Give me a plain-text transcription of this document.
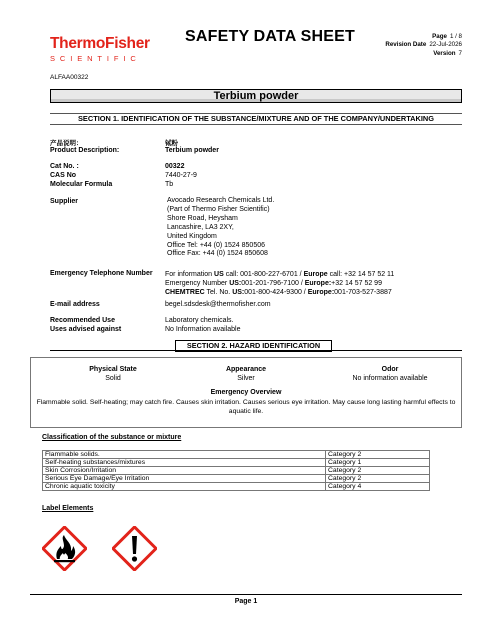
ThermoFisher
SCIENTIFIC
SAFETY DATA SHEET	Page 1 / 8
Revision Date 22-Jul-2026
Version 7
ALFAA00322
Terbium powder
SECTION 1. IDENTIFICATION OF THE SUBSTANCE/MIXTURE AND OF THE COMPANY/UNDERTAKING
产品说明：	铽粉
Product Description:	Terbium powder
Cat No. :	00322
CAS No	7440-27-9
Molecular Formula	Tb
Supplier	Avocado Research Chemicals Ltd.
(Part of Thermo Fisher Scientific)
Shore Road, Heysham
Lancashire, LA3 2XY,
United Kingdom
Office Tel: +44 (0) 1524 850506
Office Fax: +44 (0) 1524 850608
Emergency Telephone Number For information US call: 001-800-227-6701 / Europe call: +32 14 57 52 11
Emergency Number US:001-201-796-7100 / Europe:+32 14 57 52 99
CHEMTREC Tel. No. US:001-800-424-9300 / Europe:001-703-527-3887
E-mail address	begel.sdsdesk@thermofisher.com
Recommended Use	Laboratory chemicals.
Uses advised against	No Information available
SECTION 2. HAZARD IDENTIFICATION
Physical State
Solid
Appearance
Silver
Odor
No information available
Emergency Overview
Flammable solid. Self-heating; may catch fire. Causes skin irritation. Causes serious eye irritation. May cause long lasting harmful effects to aquatic life.
Classification of the substance or mixture
Flammable solids.	Category 2
Self-heating substances/mixtures	Category 1
Skin Corrosion/Irritation	Category 2
Serious Eye Damage/Eye Irritation	Category 2
Chronic aquatic toxicity	Category 4
Label Elements
Page 1
